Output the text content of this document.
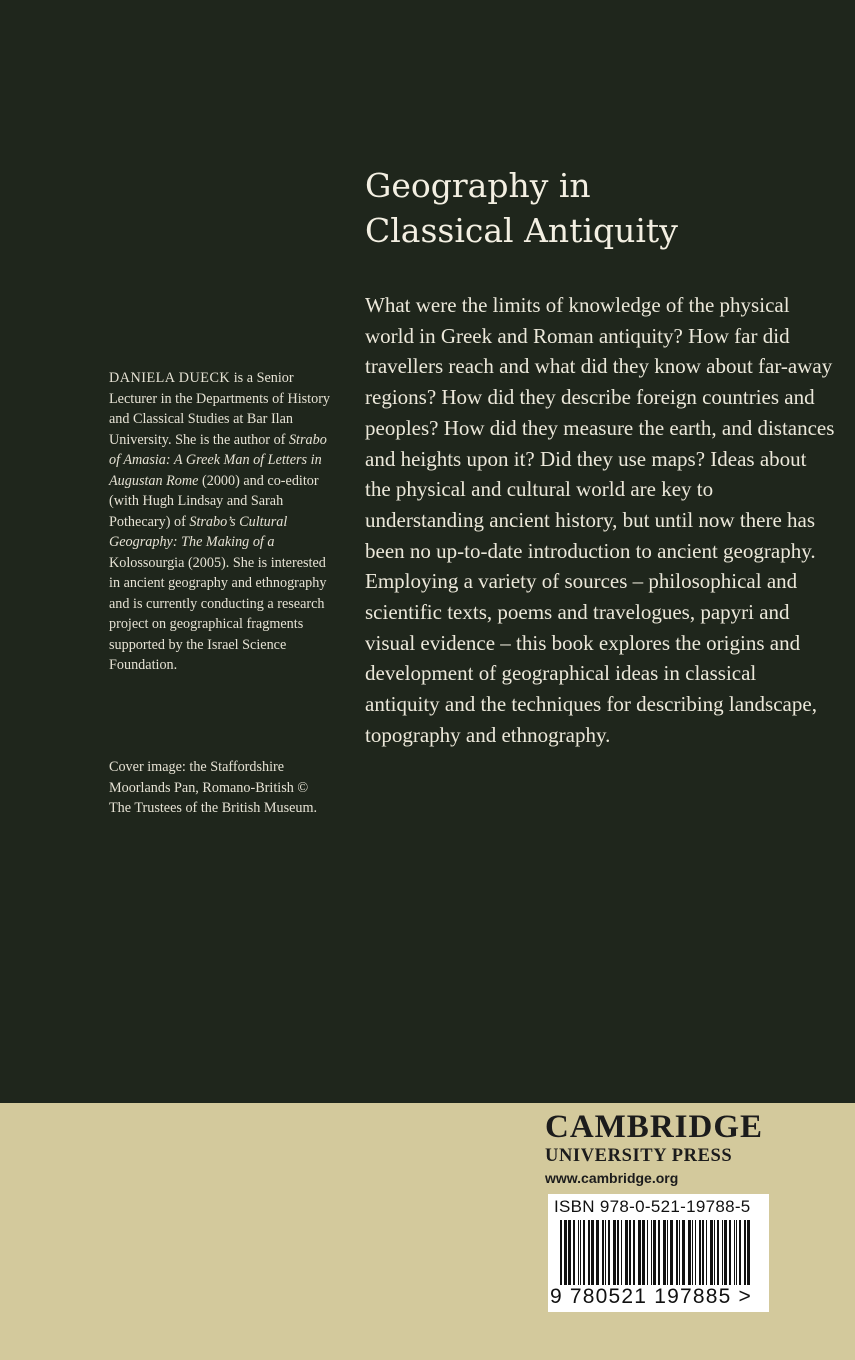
Geography in
Classical Antiquity

What were the limits of knowledge of the physical world in Greek and Roman antiquity? How far did travellers reach and what did they know about far-away regions? How did they describe foreign countries and peoples? How did they measure the earth, and distances and heights upon it? Did they use maps? Ideas about the physical and cultural world are key to understanding ancient history, but until now there has been no up-to-date introduction to ancient geography. Employing a variety of sources – philosophical and scientific texts, poems and travelogues, papyri and visual evidence – this book explores the origins and development of geographical ideas in classical antiquity and the techniques for describing landscape, topography and ethnography.

DANIELA DUECK is a Senior Lecturer in the Departments of History and Classical Studies at Bar Ilan University. She is the author of Strabo of Amasia: A Greek Man of Letters in Augustan Rome (2000) and co-editor (with Hugh Lindsay and Sarah Pothecary) of Strabo’s Cultural Geography: The Making of a Kolossourgia (2005). She is interested in ancient geography and ethnography and is currently conducting a research project on geographical fragments supported by the Israel Science Foundation.

Cover image: the Staffordshire Moorlands Pan, Romano-British © The Trustees of the British Museum.

CAMBRIDGE
UNIVERSITY PRESS
www.cambridge.org
ISBN 978-0-521-19788-5
9 780521 197885 >
